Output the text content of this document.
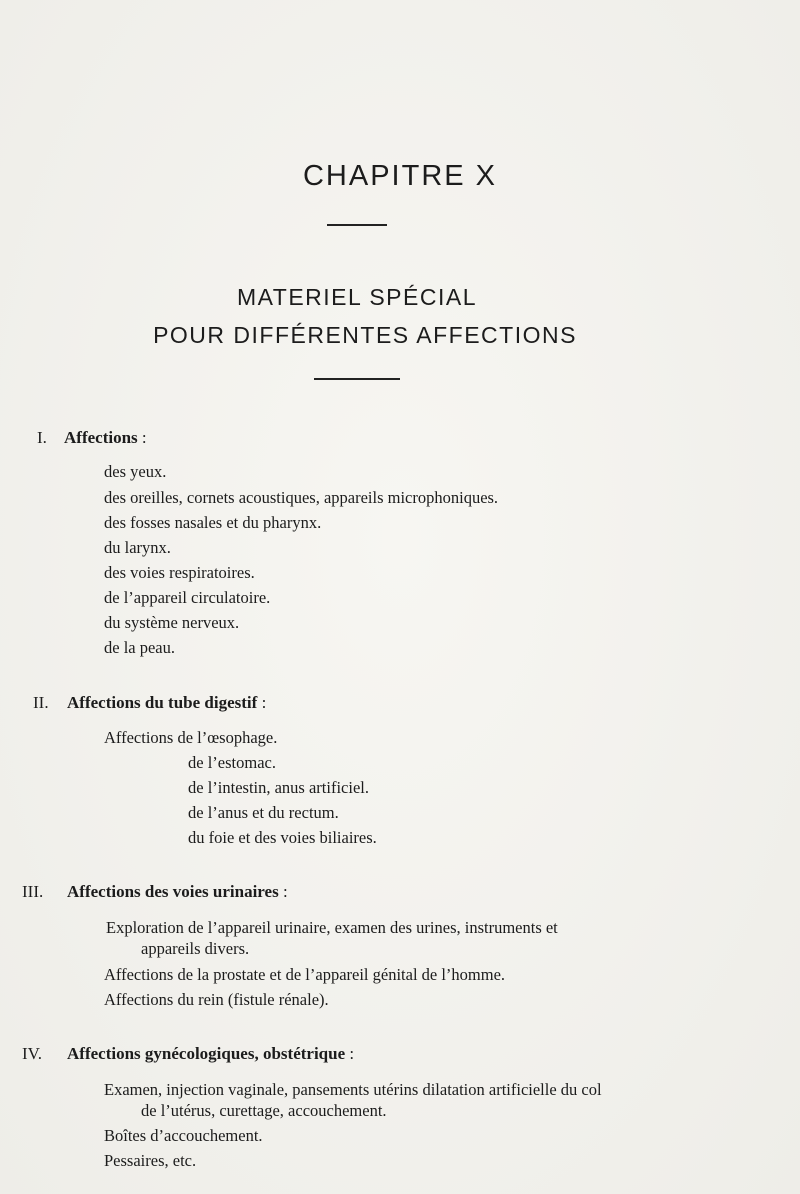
CHAPITRE X
MATERIEL SPÉCIAL
POUR DIFFÉRENTES AFFECTIONS
I. Affections :
des yeux.
des oreilles, cornets acoustiques, appareils microphoniques.
des fosses nasales et du pharynx.
du larynx.
des voies respiratoires.
de l’appareil circulatoire.
du système nerveux.
de la peau.
II. Affections du tube digestif :
Affections de l’œsophage.
de l’estomac.
de l’intestin, anus artificiel.
de l’anus et du rectum.
du foie et des voies biliaires.
III. Affections des voies urinaires :
Exploration de l’appareil urinaire, examen des urines, instruments et
appareils divers.
Affections de la prostate et de l’appareil génital de l’homme.
Affections du rein (fistule rénale).
IV. Affections gynécologiques, obstétrique :
Examen, injection vaginale, pansements utérins dilatation artificielle du col
de l’utérus, curettage, accouchement.
Boîtes d’accouchement.
Pessaires, etc.
